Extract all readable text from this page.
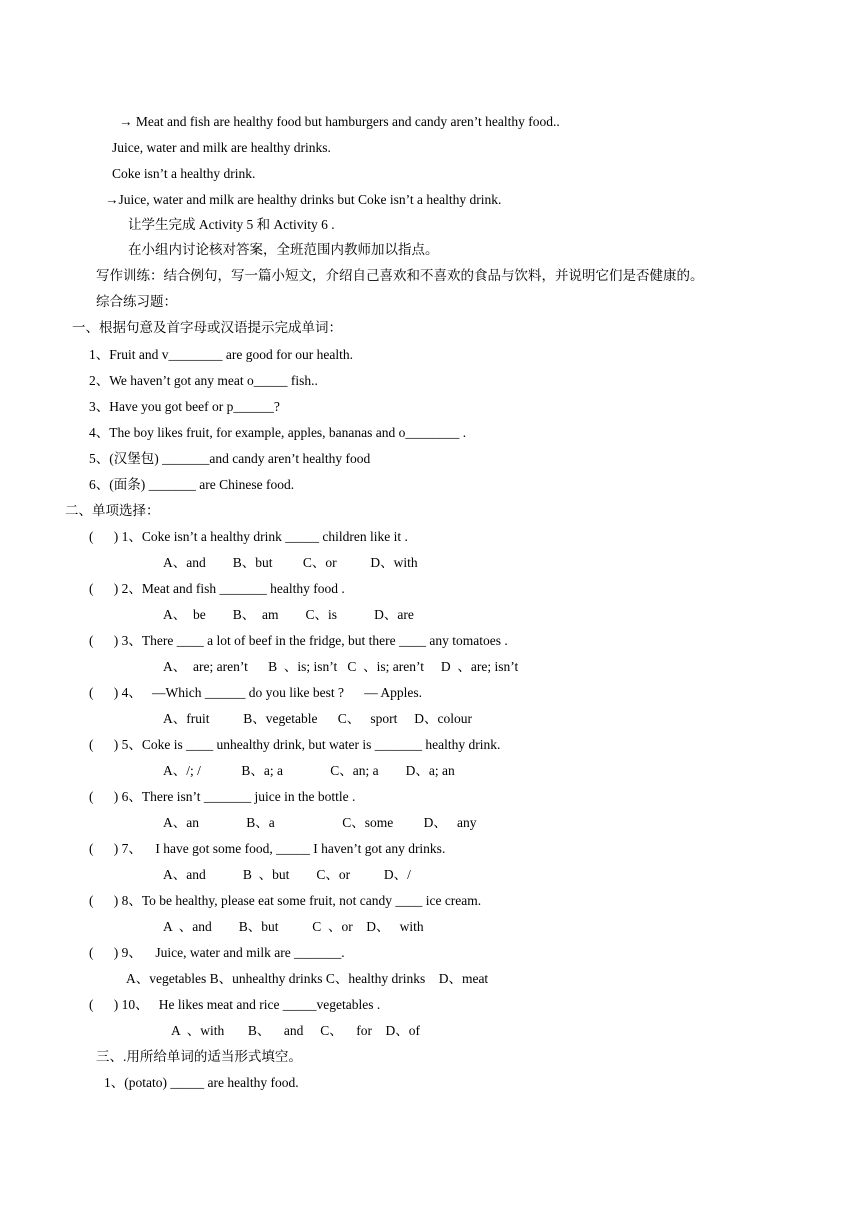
→ Meat and fish are healthy food but hamburgers and candy aren’t healthy food..
Juice, water and milk are healthy drinks.
Coke isn’t a healthy drink.
→Juice, water and milk are healthy drinks but Coke isn’t a healthy drink.
让学生完成 Activity 5 和 Activity 6 .
在小组内讨论核对答案，全班范围内教师加以指点。
写作训练：结合例句，写一篇小短文，介绍自己喜欢和不喜欢的食品与饮料，并说明它们是否健康的。
综合练习题：
一、根据句意及首字母或汉语提示完成单词：
1、Fruit and v________ are good for our health.
2、We haven’t got any meat o_____ fish..
3、Have you got beef or p______?
4、The boy likes fruit, for example, apples, bananas and o________ .
5、(汉堡包) _______and candy aren’t healthy food
6、(面条) _______ are Chinese food.
二、单项选择：
(      ) 1、Coke isn’t a healthy drink _____ children like it .
A、and        B、but         C、or          D、with
(      ) 2、Meat and fish _______ healthy food .
A、  be        B、  am        C、is           D、are
(      ) 3、There ____ a lot of beef in the fridge, but there ____ any tomatoes .
A、  are; aren’t      B  、is; isn’t   C  、is; aren’t     D  、are; isn’t
(      ) 4、   —Which ______ do you like best ?      — Apples.
A、fruit          B、vegetable      C、   sport     D、colour
(      ) 5、Coke is ____ unhealthy drink, but water is _______ healthy drink.
A、/; /            B、a; a              C、an; a        D、a; an
(      ) 6、There isn’t _______ juice in the bottle .
A、an              B、a                    C、some         D、   any
(      ) 7、    I have got some food, _____ I haven’t got any drinks.
A、and           B  、but        C、or          D、/
(      ) 8、To be healthy, please eat some fruit, not candy ____ ice cream.
A  、and        B、but          C  、or    D、   with
(      ) 9、    Juice, water and milk are _______.
A、vegetables B、unhealthy drinks C、healthy drinks    D、meat
(      ) 10、   He likes meat and rice _____vegetables .
A  、with       B、    and     C、    for    D、of
三、.用所给单词的适当形式填空。
1、(potato) _____ are healthy food.
